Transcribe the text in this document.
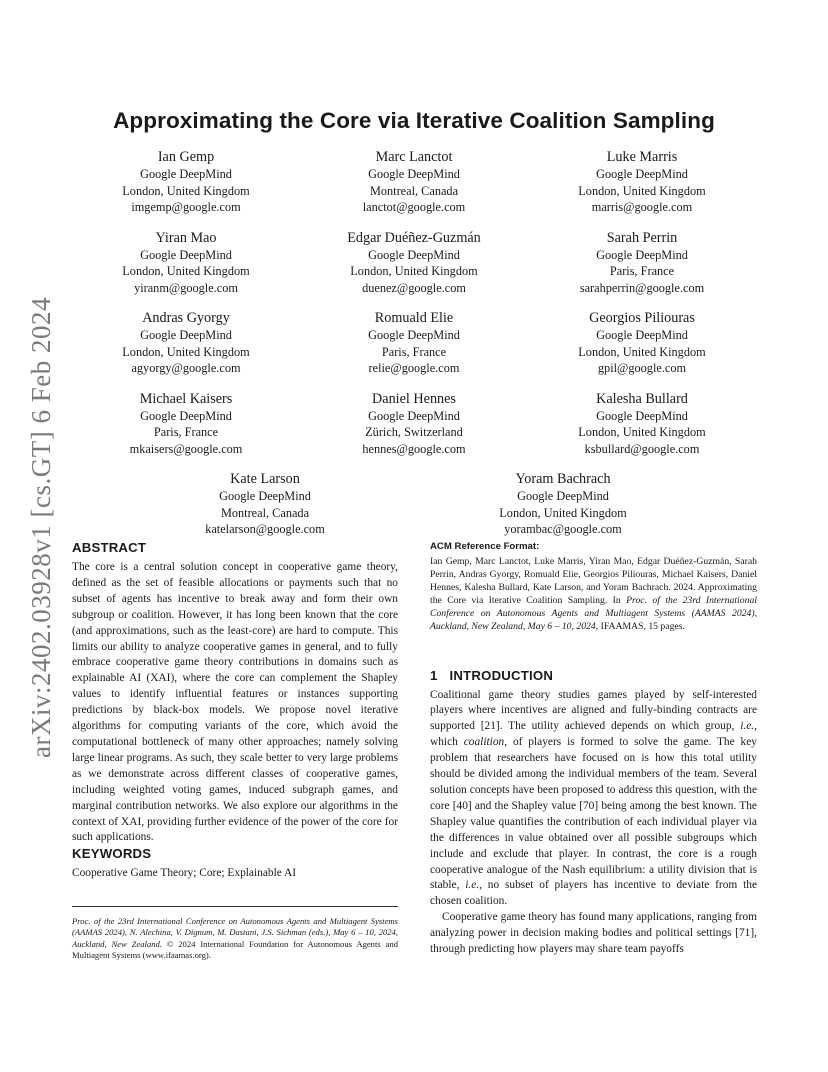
arXiv:2402.03928v1 [cs.GT] 6 Feb 2024
Approximating the Core via Iterative Coalition Sampling
Ian Gemp
Google DeepMind
London, United Kingdom
imgemp@google.com
Marc Lanctot
Google DeepMind
Montreal, Canada
lanctot@google.com
Luke Marris
Google DeepMind
London, United Kingdom
marris@google.com
Yiran Mao
Google DeepMind
London, United Kingdom
yiranm@google.com
Edgar Duéñez-Guzmán
Google DeepMind
London, United Kingdom
duenez@google.com
Sarah Perrin
Google DeepMind
Paris, France
sarahperrin@google.com
Andras Gyorgy
Google DeepMind
London, United Kingdom
agyorgy@google.com
Romuald Elie
Google DeepMind
Paris, France
relie@google.com
Georgios Piliouras
Google DeepMind
London, United Kingdom
gpil@google.com
Michael Kaisers
Google DeepMind
Paris, France
mkaisers@google.com
Daniel Hennes
Google DeepMind
Zürich, Switzerland
hennes@google.com
Kalesha Bullard
Google DeepMind
London, United Kingdom
ksbullard@google.com
Kate Larson
Google DeepMind
Montreal, Canada
katelarson@google.com
Yoram Bachrach
Google DeepMind
London, United Kingdom
yorambac@google.com
ABSTRACT

The core is a central solution concept in cooperative game theory, defined as the set of feasible allocations or payments such that no subset of agents has incentive to break away and form their own subgroup or coalition. However, it has long been known that the core (and approximations, such as the least-core) are hard to compute. This limits our ability to analyze cooperative games in general, and to fully embrace cooperative game theory contributions in domains such as explainable AI (XAI), where the core can complement the Shapley values to identify influential features or instances supporting predictions by black-box models. We propose novel iterative algorithms for computing variants of the core, which avoid the computational bottleneck of many other approaches; namely solving large linear programs. As such, they scale better to very large problems as we demonstrate across different classes of cooperative games, including weighted voting games, induced subgraph games, and marginal contribution networks. We also explore our algorithms in the context of XAI, providing further evidence of the power of the core for such applications.

KEYWORDS

Cooperative Game Theory; Core; Explainable AI

Proc. of the 23rd International Conference on Autonomous Agents and Multiagent Systems (AAMAS 2024), N. Alechina, V. Dignum, M. Dastani, J.S. Sichman (eds.), May 6 – 10, 2024, Auckland, New Zealand. © 2024 International Foundation for Autonomous Agents and Multiagent Systems (www.ifaamas.org).
ACM Reference Format:

Ian Gemp, Marc Lanctot, Luke Marris, Yiran Mao, Edgar Duéñez-Guzmán, Sarah Perrin, Andras Gyorgy, Romuald Elie, Georgios Piliouras, Michael Kaisers, Daniel Hennes, Kalesha Bullard, Kate Larson, and Yoram Bachrach. 2024. Approximating the Core via Iterative Coalition Sampling. In Proc. of the 23rd International Conference on Autonomous Agents and Multiagent Systems (AAMAS 2024), Auckland, New Zealand, May 6 – 10, 2024, IFAAMAS, 15 pages.

1 INTRODUCTION

Coalitional game theory studies games played by self-interested players where incentives are aligned and fully-binding contracts are supported [21]. The utility achieved depends on which group, i.e., which coalition, of players is formed to solve the game. The key problem that researchers have focused on is how this total utility should be divided among the individual members of the team. Several solution concepts have been proposed to address this question, with the core [40] and the Shapley value [70] being among the best known. The Shapley value quantifies the contribution of each individual player via the differences in value obtained over all possible subgroups which include and exclude that player. In contrast, the core is a rough cooperative analogue of the Nash equilibrium: a utility division that is stable, i.e., no subset of players has incentive to deviate from the chosen coalition.

Cooperative game theory has found many applications, ranging from analyzing power in decision making bodies and political settings [71], through predicting how players may share team payoffs
